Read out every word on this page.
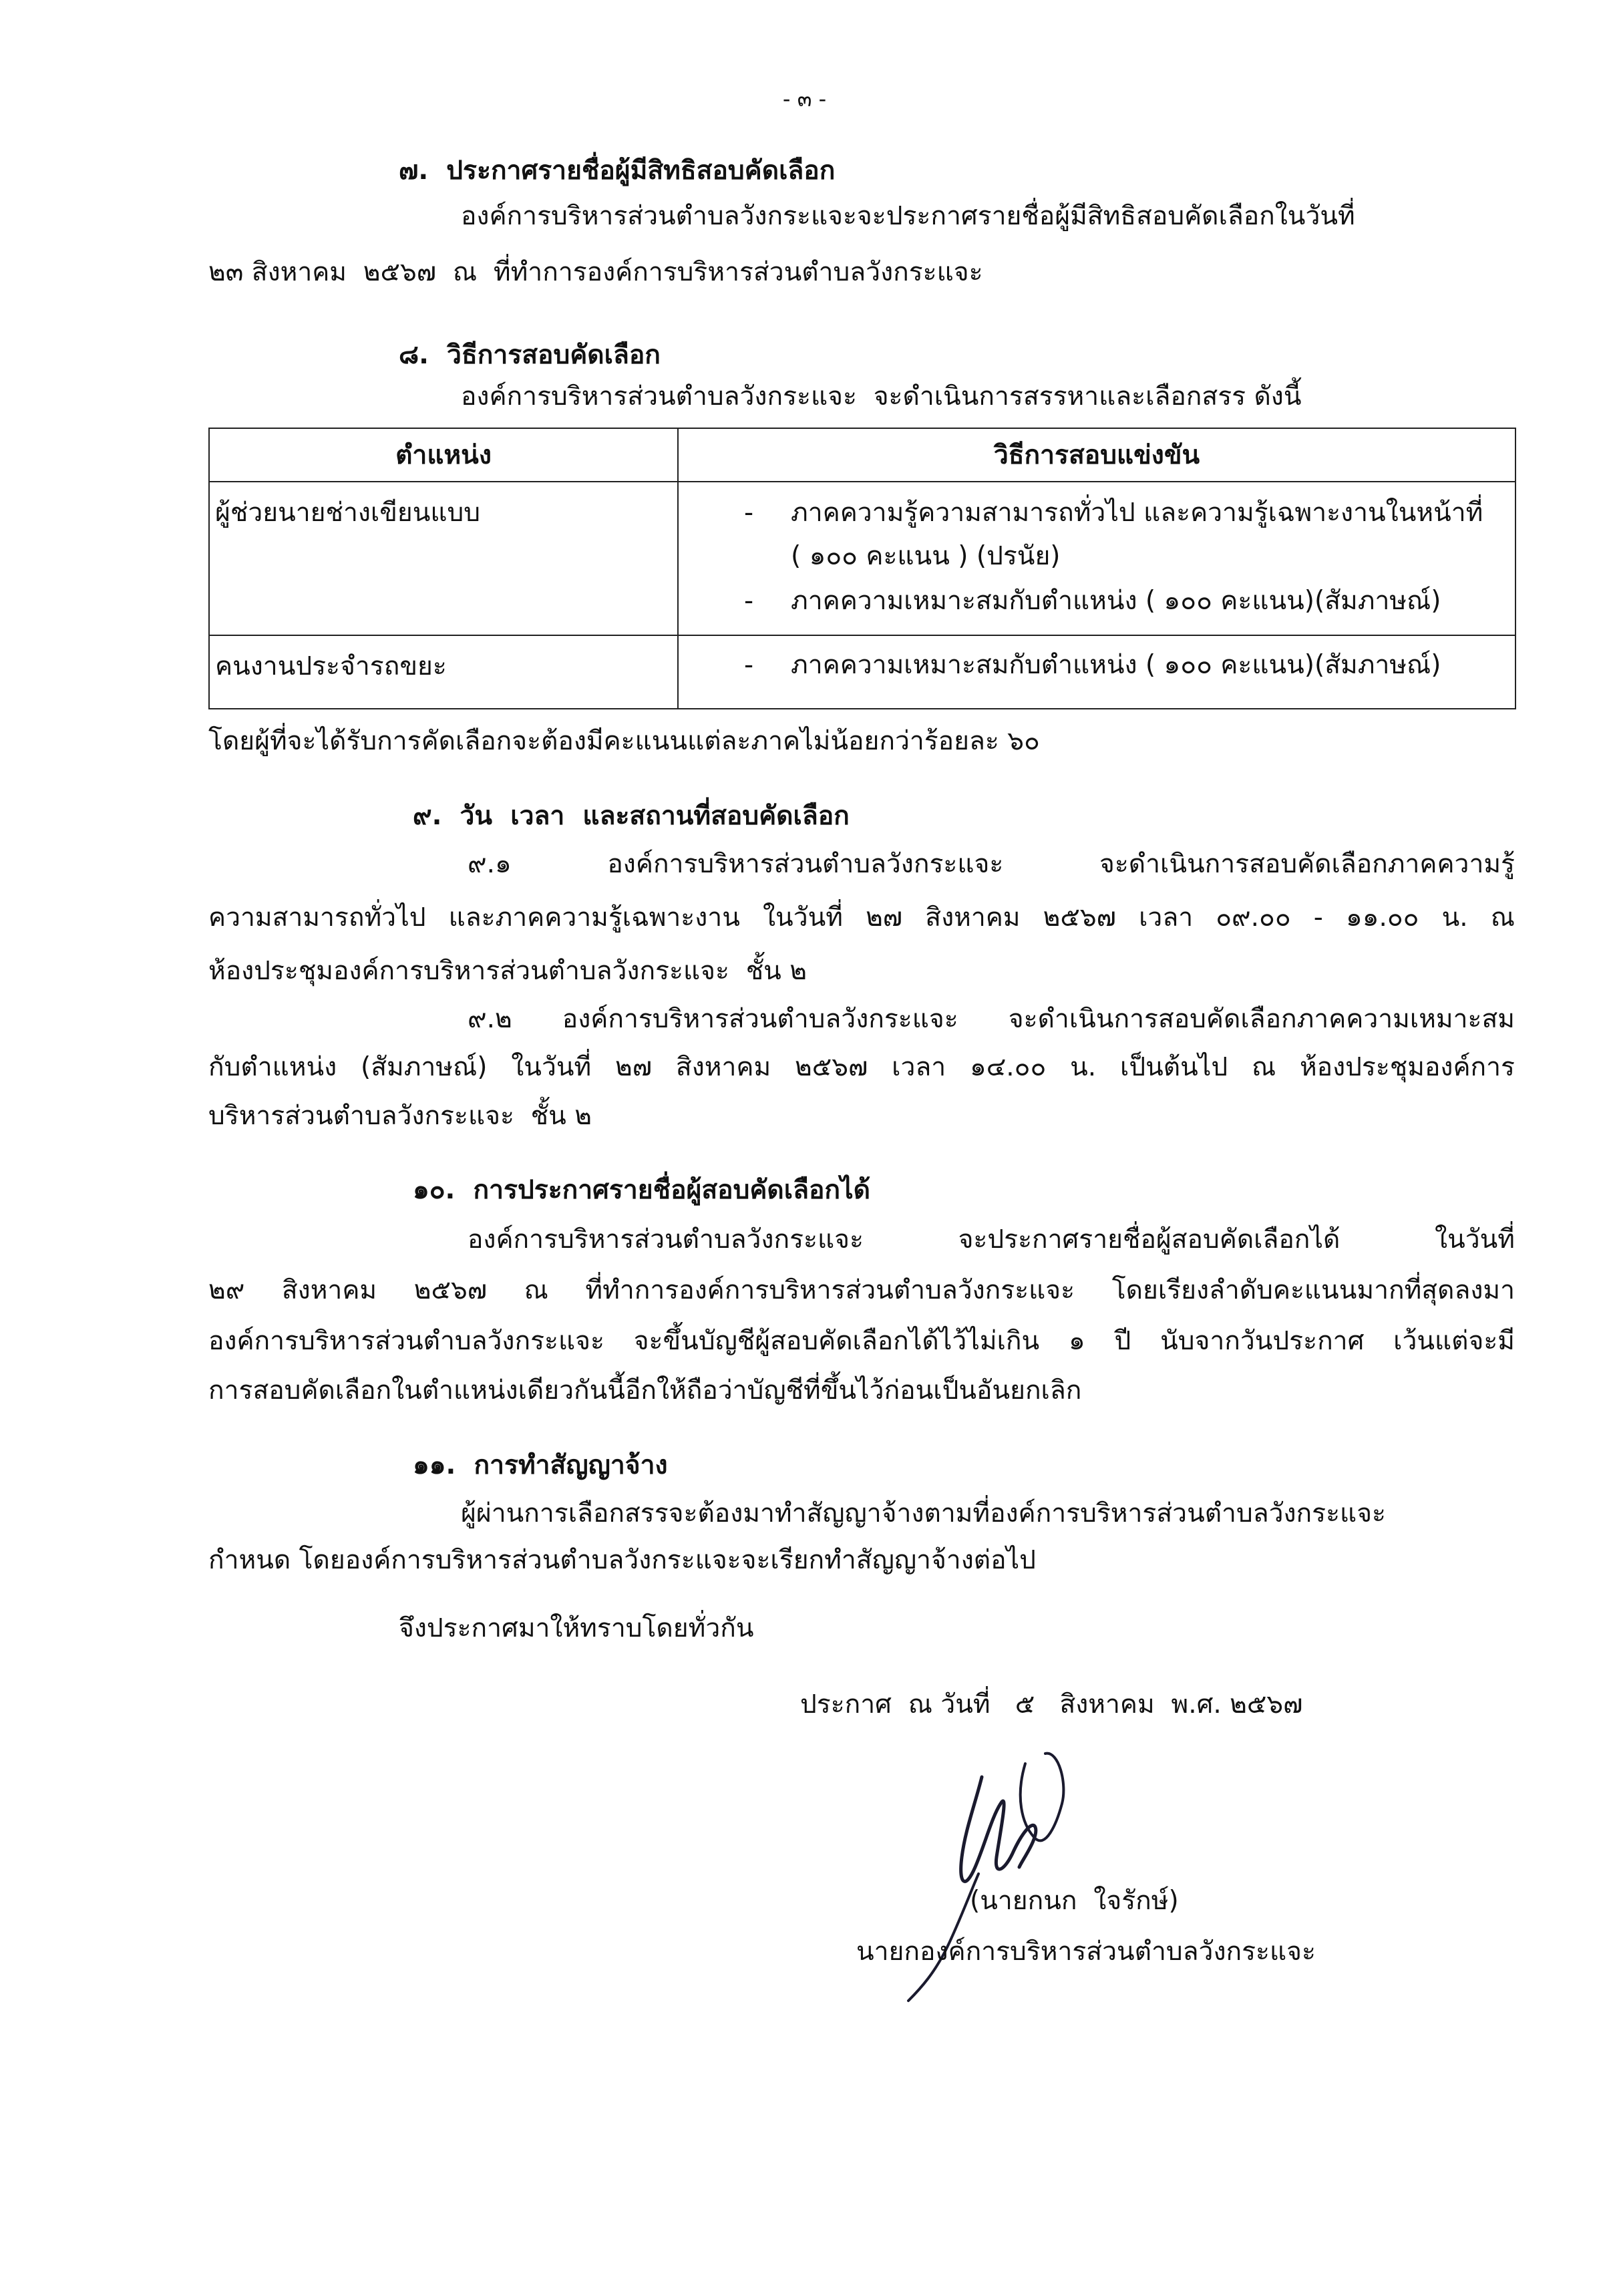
- ๓ -
๗.  ประกาศรายชื่อผู้มีสิทธิสอบคัดเลือก
องค์การบริหารส่วนตำบลวังกระแจะจะประกาศรายชื่อผู้มีสิทธิสอบคัดเลือกในวันที่
๒๓ สิงหาคม  ๒๕๖๗  ณ  ที่ทำการองค์การบริหารส่วนตำบลวังกระแจะ
๘.  วิธีการสอบคัดเลือก
องค์การบริหารส่วนตำบลวังกระแจะ  จะดำเนินการสรรหาและเลือกสรร ดังนี้
ตำแหน่ง	วิธีการสอบแข่งขัน
ผู้ช่วยนายช่างเขียนแบบ	- ภาคความรู้ความสามารถทั่วไป และความรู้เฉพาะงานในหน้าที่
( ๑๐๐ คะแนน ) (ปรนัย)
- ภาคความเหมาะสมกับตำแหน่ง ( ๑๐๐ คะแนน)(สัมภาษณ์)
คนงานประจำรถขยะ	- ภาคความเหมาะสมกับตำแหน่ง ( ๑๐๐ คะแนน)(สัมภาษณ์)
โดยผู้ที่จะได้รับการคัดเลือกจะต้องมีคะแนนแต่ละภาคไม่น้อยกว่าร้อยละ ๖๐
๙.  วัน  เวลา  และสถานที่สอบคัดเลือก
๙.๑ องค์การบริหารส่วนตำบลวังกระแจะ จะดำเนินการสอบคัดเลือกภาคความรู้
ความสามารถทั่วไป และภาคความรู้เฉพาะงาน ในวันที่ ๒๗ สิงหาคม ๒๕๖๗ เวลา ๐๙.๐๐ - ๑๑.๐๐ น. ณ
ห้องประชุมองค์การบริหารส่วนตำบลวังกระแจะ  ชั้น ๒
๙.๒ องค์การบริหารส่วนตำบลวังกระแจะ จะดำเนินการสอบคัดเลือกภาคความเหมาะสม
กับตำแหน่ง (สัมภาษณ์) ในวันที่ ๒๗ สิงหาคม ๒๕๖๗ เวลา ๑๔.๐๐ น. เป็นต้นไป ณ ห้องประชุมองค์การ
บริหารส่วนตำบลวังกระแจะ  ชั้น ๒
๑๐.  การประกาศรายชื่อผู้สอบคัดเลือกได้
องค์การบริหารส่วนตำบลวังกระแจะ จะประกาศรายชื่อผู้สอบคัดเลือกได้ ในวันที่
๒๙ สิงหาคม ๒๕๖๗ ณ ที่ทำการองค์การบริหารส่วนตำบลวังกระแจะ โดยเรียงลำดับคะแนนมากที่สุดลงมา
องค์การบริหารส่วนตำบลวังกระแจะ จะขึ้นบัญชีผู้สอบคัดเลือกได้ไว้ไม่เกิน ๑ ปี นับจากวันประกาศ เว้นแต่จะมี
การสอบคัดเลือกในตำแหน่งเดียวกันนี้อีกให้ถือว่าบัญชีที่ขึ้นไว้ก่อนเป็นอันยกเลิก
๑๑.  การทำสัญญาจ้าง
ผู้ผ่านการเลือกสรรจะต้องมาทำสัญญาจ้างตามที่องค์การบริหารส่วนตำบลวังกระแจะ
กำหนด โดยองค์การบริหารส่วนตำบลวังกระแจะจะเรียกทำสัญญาจ้างต่อไป
จึงประกาศมาให้ทราบโดยทั่วกัน
ประกาศ  ณ วันที่   ๕   สิงหาคม  พ.ศ. ๒๕๖๗
(นายกนก  ใจรักษ์)
นายกองค์การบริหารส่วนตำบลวังกระแจะ
